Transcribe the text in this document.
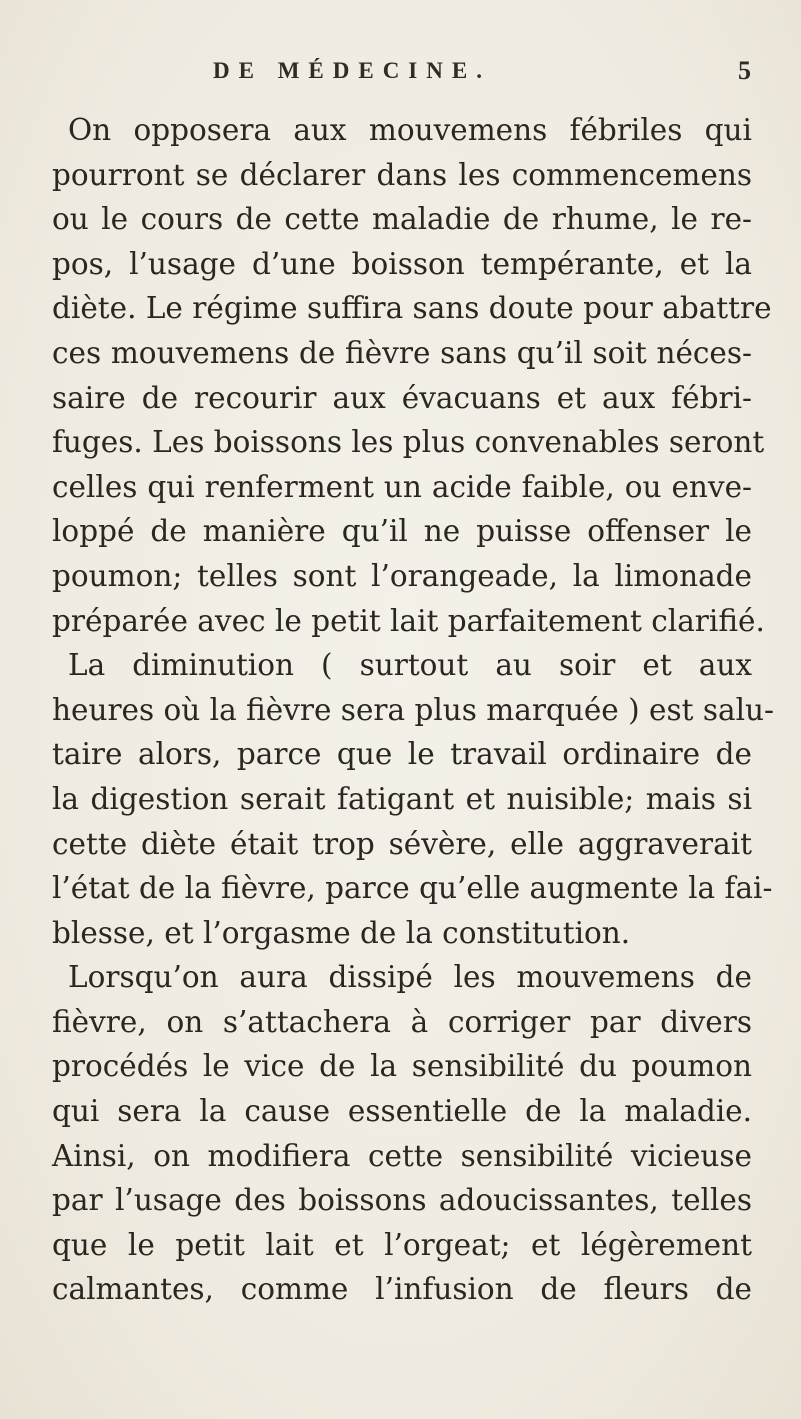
DE MÉDECINE.	5
On opposera aux mouvemens fébriles qui
pourront se déclarer dans les commencemens
ou le cours de cette maladie de rhume, le re-
pos, l’usage d’une boisson tempérante, et la
diète. Le régime suffira sans doute pour abattre
ces mouvemens de fièvre sans qu’il soit néces-
saire de recourir aux évacuans et aux fébri-
fuges. Les boissons les plus convenables seront
celles qui renferment un acide faible, ou enve-
loppé de manière qu’il ne puisse offenser le
poumon; telles sont l’orangeade, la limonade
préparée avec le petit lait parfaitement clarifié.
La diminution ( surtout au soir et aux
heures où la fièvre sera plus marquée ) est salu-
taire alors, parce que le travail ordinaire de
la digestion serait fatigant et nuisible; mais si
cette diète était trop sévère, elle aggraverait
l’état de la fièvre, parce qu’elle augmente la fai-
blesse, et l’orgasme de la constitution.
Lorsqu’on aura dissipé les mouvemens de
fièvre, on s’attachera à corriger par divers
procédés le vice de la sensibilité du poumon
qui sera la cause essentielle de la maladie.
Ainsi, on modifiera cette sensibilité vicieuse
par l’usage des boissons adoucissantes, telles
que le petit lait et l’orgeat; et légèrement
calmantes, comme l’infusion de fleurs de
